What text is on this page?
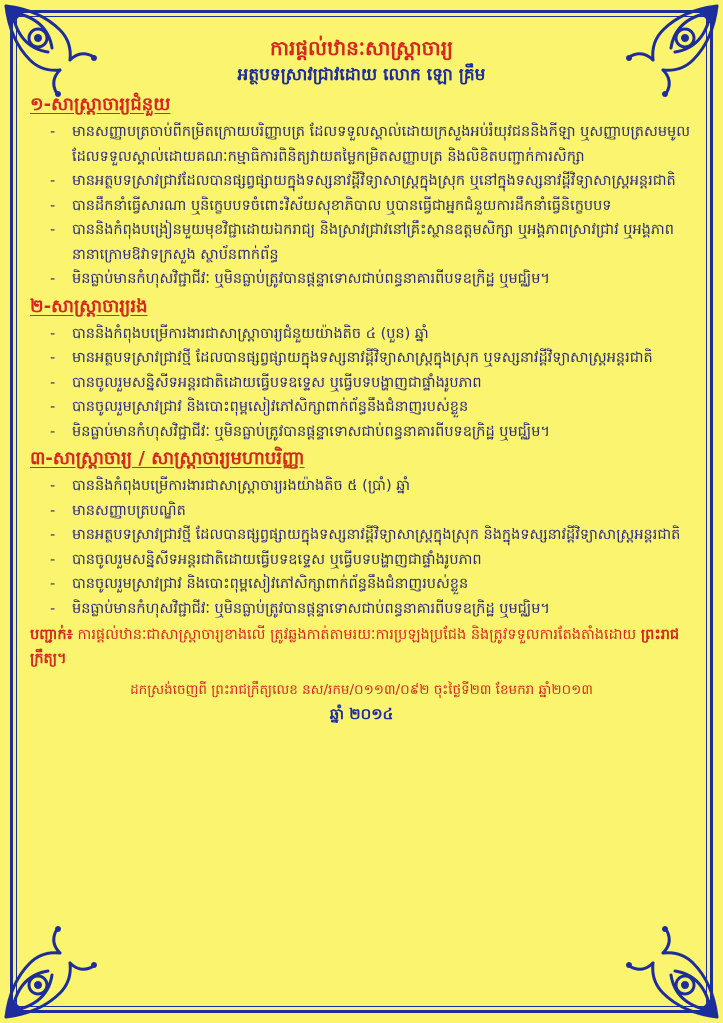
ការផ្ដល់ឋានៈសាស្ត្រាចារ្យ
អត្ថបទស្រាវជ្រាវដោយ លោក ឡោ គ្រឹម
១-សាស្ត្រាចារ្យជំនួយ
- មានសញ្ញាបត្រចាប់ពីកម្រិតក្រោយបរិញ្ញាបត្រ ដែលទទួលស្គាល់ដោយក្រសួងអប់រំយុវជននិងកីឡា ឬសញ្ញាបត្រសមមូល ដែលទទួលស្គាល់ដោយគណៈកម្មាធិការពិនិត្យវាយតម្លៃកម្រិតសញ្ញាបត្រ និងលិខិតបញ្ជាក់ការសិក្សា
- មានអត្ថបទស្រាវជ្រាវដែលបានផ្សព្វផ្សាយក្នុងទស្សនាវដ្ដីវិទ្យាសាស្ត្រក្នុងស្រុក ឬនៅក្នុងទស្សនាវដ្ដីវិទ្យាសាស្ត្រអន្តរជាតិ
- បានដឹកនាំធ្វើសារណា ឬនិក្ខេបបទចំពោះវិស័យសុខាភិបាល ឬបានធ្វើជាអ្នកជំនួយការដឹកនាំធ្វើនិក្ខេបបទ
- បាននិងកំពុងបង្រៀនមួយមុខវិជ្ជាដោយឯករាជ្យ និងស្រាវជ្រាវនៅគ្រឹះស្ថានឧត្តមសិក្សា ឬអង្គភាពស្រាវជ្រាវ ឬអង្គភាពនានាក្រោមឱវាទក្រសួង ស្ថាប័នពាក់ព័ន្ធ
- មិនធ្លាប់មានកំហុសវិជ្ជាជីវៈ ឬមិនធ្លាប់ត្រូវបានផ្ដន្ទាទោសជាប់ពន្ធនាគារពីបទឧក្រិដ្ឋ ឬមជ្ឈិម។
២-សាស្ត្រាចារ្យរង
- បាននិងកំពុងបម្រើការងារជាសាស្ត្រាចារ្យជំនួយយ៉ាងតិច ៤ (បួន) ឆ្នាំ
- មានអត្ថបទស្រាវជ្រាវថ្មី ដែលបានផ្សព្វផ្សាយក្នុងទស្សនាវដ្ដីវិទ្យាសាស្ត្រក្នុងស្រុក ឬទស្សនាវដ្ដីវិទ្យាសាស្ត្រអន្តរជាតិ
- បានចូលរួមសន្និសីទអន្តរជាតិដោយធ្វើបទឧទ្ទេស ឬធ្វើបទបង្ហាញជាផ្ទាំងរូបភាព
- បានចូលរួមស្រាវជ្រាវ និងបោះពុម្ពសៀវភៅសិក្សាពាក់ព័ន្ធនឹងជំនាញរបស់ខ្លួន
- មិនធ្លាប់មានកំហុសវិជ្ជាជីវៈ ឬមិនធ្លាប់ត្រូវបានផ្ដន្ទាទោសជាប់ពន្ធនាគារពីបទឧក្រិដ្ឋ ឬមជ្ឈិម។
៣-សាស្ត្រាចារ្យ / សាស្ត្រាចារ្យមហាបរិញ្ញា
- បាននិងកំពុងបម្រើការងារជាសាស្ត្រាចារ្យរងយ៉ាងតិច ៥ (ប្រាំ) ឆ្នាំ
- មានសញ្ញាបត្របណ្ឌិត
- មានអត្ថបទស្រាវជ្រាវថ្មី ដែលបានផ្សព្វផ្សាយក្នុងទស្សនាវដ្ដីវិទ្យាសាស្ត្រក្នុងស្រុក និងក្នុងទស្សនាវដ្ដីវិទ្យាសាស្ត្រអន្តរជាតិ
- បានចូលរួមសន្និសីទអន្តរជាតិដោយធ្វើបទឧទ្ទេស ឬធ្វើបទបង្ហាញជាផ្ទាំងរូបភាព
- បានចូលរួមស្រាវជ្រាវ និងបោះពុម្ពសៀវភៅសិក្សាពាក់ព័ន្ធនឹងជំនាញរបស់ខ្លួន
- មិនធ្លាប់មានកំហុសវិជ្ជាជីវៈ ឬមិនធ្លាប់ត្រូវបានផ្ដន្ទាទោសជាប់ពន្ធនាគារពីបទឧក្រិដ្ឋ ឬមជ្ឈិម។
បញ្ជាក់៖ ការផ្ដល់ឋានៈជាសាស្ត្រាចារ្យខាងលើ ត្រូវឆ្លងកាត់តាមរយៈការប្រឡងប្រជែង និងត្រូវទទួលការតែងតាំងដោយ ព្រះរាជក្រឹត្យ។
ដកស្រង់ចេញពី ព្រះរាជក្រឹត្យលេខ នស/រកម/០១១៣/០៩២ ចុះថ្ងៃទី២៣ ខែមករា ឆ្នាំ២០១៣
ឆ្នាំ ២០១៤
